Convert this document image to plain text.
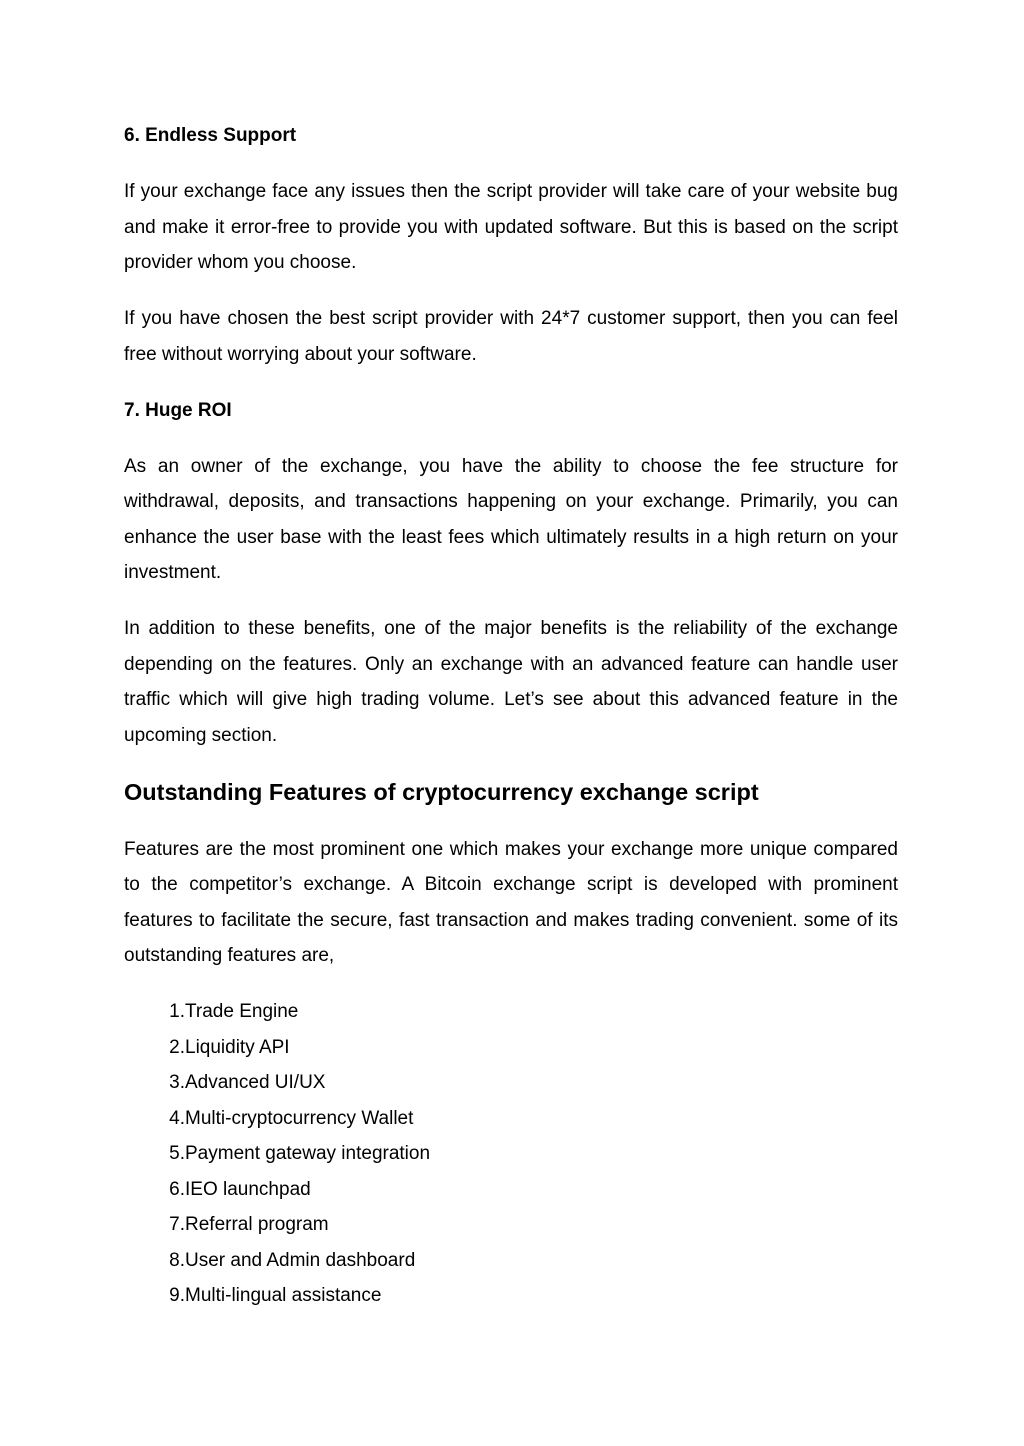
6. Endless Support

If your exchange face any issues then the script provider will take care of your website bug and make it error-free to provide you with updated software. But this is based on the script provider whom you choose.

If you have chosen the best script provider with 24*7 customer support, then you can feel free without worrying about your software.

7. Huge ROI

As an owner of the exchange, you have the ability to choose the fee structure for withdrawal, deposits, and transactions happening on your exchange. Primarily, you can enhance the user base with the least fees which ultimately results in a high return on your investment.

In addition to these benefits, one of the major benefits is the reliability of the exchange depending on the features. Only an exchange with an advanced feature can handle user traffic which will give high trading volume. Let’s see about this advanced feature in the upcoming section.

Outstanding Features of cryptocurrency exchange script

Features are the most prominent one which makes your exchange more unique compared to the competitor’s exchange. A Bitcoin exchange script is developed with prominent features to facilitate the secure, fast transaction and makes trading convenient. some of its outstanding features are,

1. Trade Engine
2. Liquidity API
3. Advanced UI/UX
4. Multi-cryptocurrency Wallet
5. Payment gateway integration
6. IEO launchpad
7. Referral program
8. User and Admin dashboard
9. Multi-lingual assistance
